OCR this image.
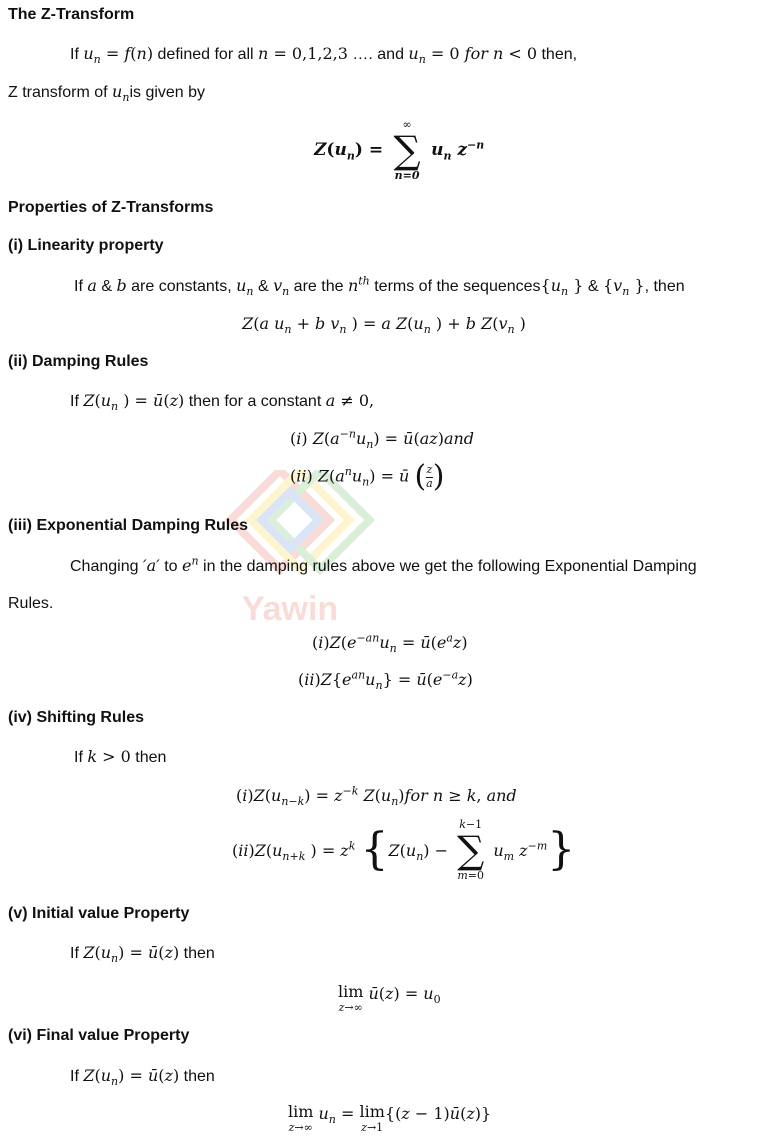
Yawin
The Z-Transform
If $u_n = f(n)$ defined for all n = 0,1,2,3 …. and $u_n = 0$ for n < 0 then,
Z transform of $u_nis$ given by
$Z(u_n)$ =
∞
∑
n=0
$u_n$ $z^{-n}$
Properties of Z-Transforms
(i) Linearity property
If a & b are constants, $u_n$ & $v_n$ are the $n^{th}$ terms of the $sequences\{u_n$ } & {$v_n$ }, then
Z(a $u_n + b$ $v_n$ ) = a $Z(u_n$ ) + b $Z(v_n$ )
(ii) Damping Rules
If $Z(u_n$ ) = ū(z) then for a constant a ≠ 0,
(i) $Z(a^{-n}u_n)$ = ū(az)and
(ii) $Z(a^nu_n)$ = ū ( $\frac{z}{a}$ )
(iii) Exponential Damping Rules
Changing ′a′ to $e^n$ in the damping rules above we get the following Exponential Damping
Rules.
$(i)Z(e^{-an}u_n$ = $ū(e^az)$
$(ii)Z\{e^{an}u_n\}$ = $ū(e^{-a}z)$
(iv) Shifting Rules
If k > 0 then
$(i)Z(u_{n-k}) = z^{-k}$ $Z(u_n)for$ n ≥ k, and
$(ii)Z(u_{n+k}$ ) = $z^k$ {$Z(u_n)$ −
k−1
∑
m=0
$u_m$ $z^{-m}$}
(v) Initial value Property
If $Z(u_n)$ = ū(z) then
lim
z→∞
ū(z) = $u_0$
(vi) Final value Property
If $Z(u_n)$ = ū(z) then
lim
z→∞
$u_n = \lim$
z→1
{(z − 1)ū(z)}
